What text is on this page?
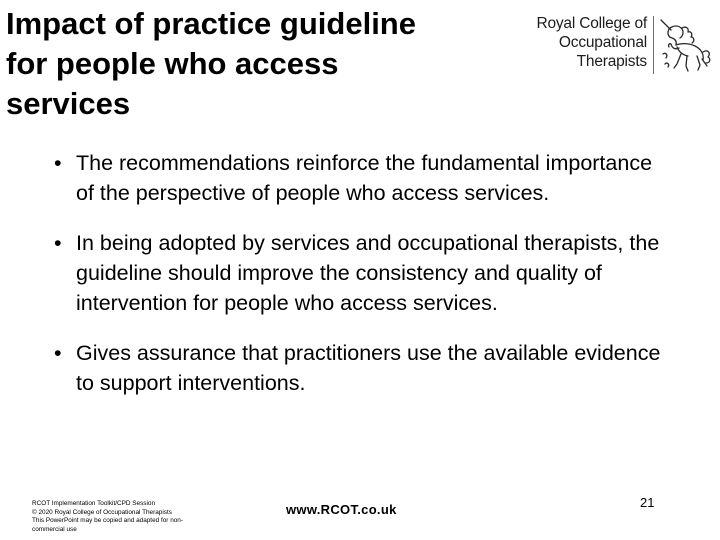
Impact of practice guideline
for people who access
services
Royal College of
Occupational
Therapists
• The recommendations reinforce the fundamental importance of the perspective of people who access services.
• In being adopted by services and occupational therapists, the guideline should improve the consistency and quality of intervention for people who access services.
• Gives assurance that practitioners use the available evidence to support interventions.
RCOT Implementation Toolkit/CPD Session
© 2020 Royal College of Occupational Therapists
This PowerPoint may be copied and adapted for non-
commercial use
www.RCOT.co.uk	21
